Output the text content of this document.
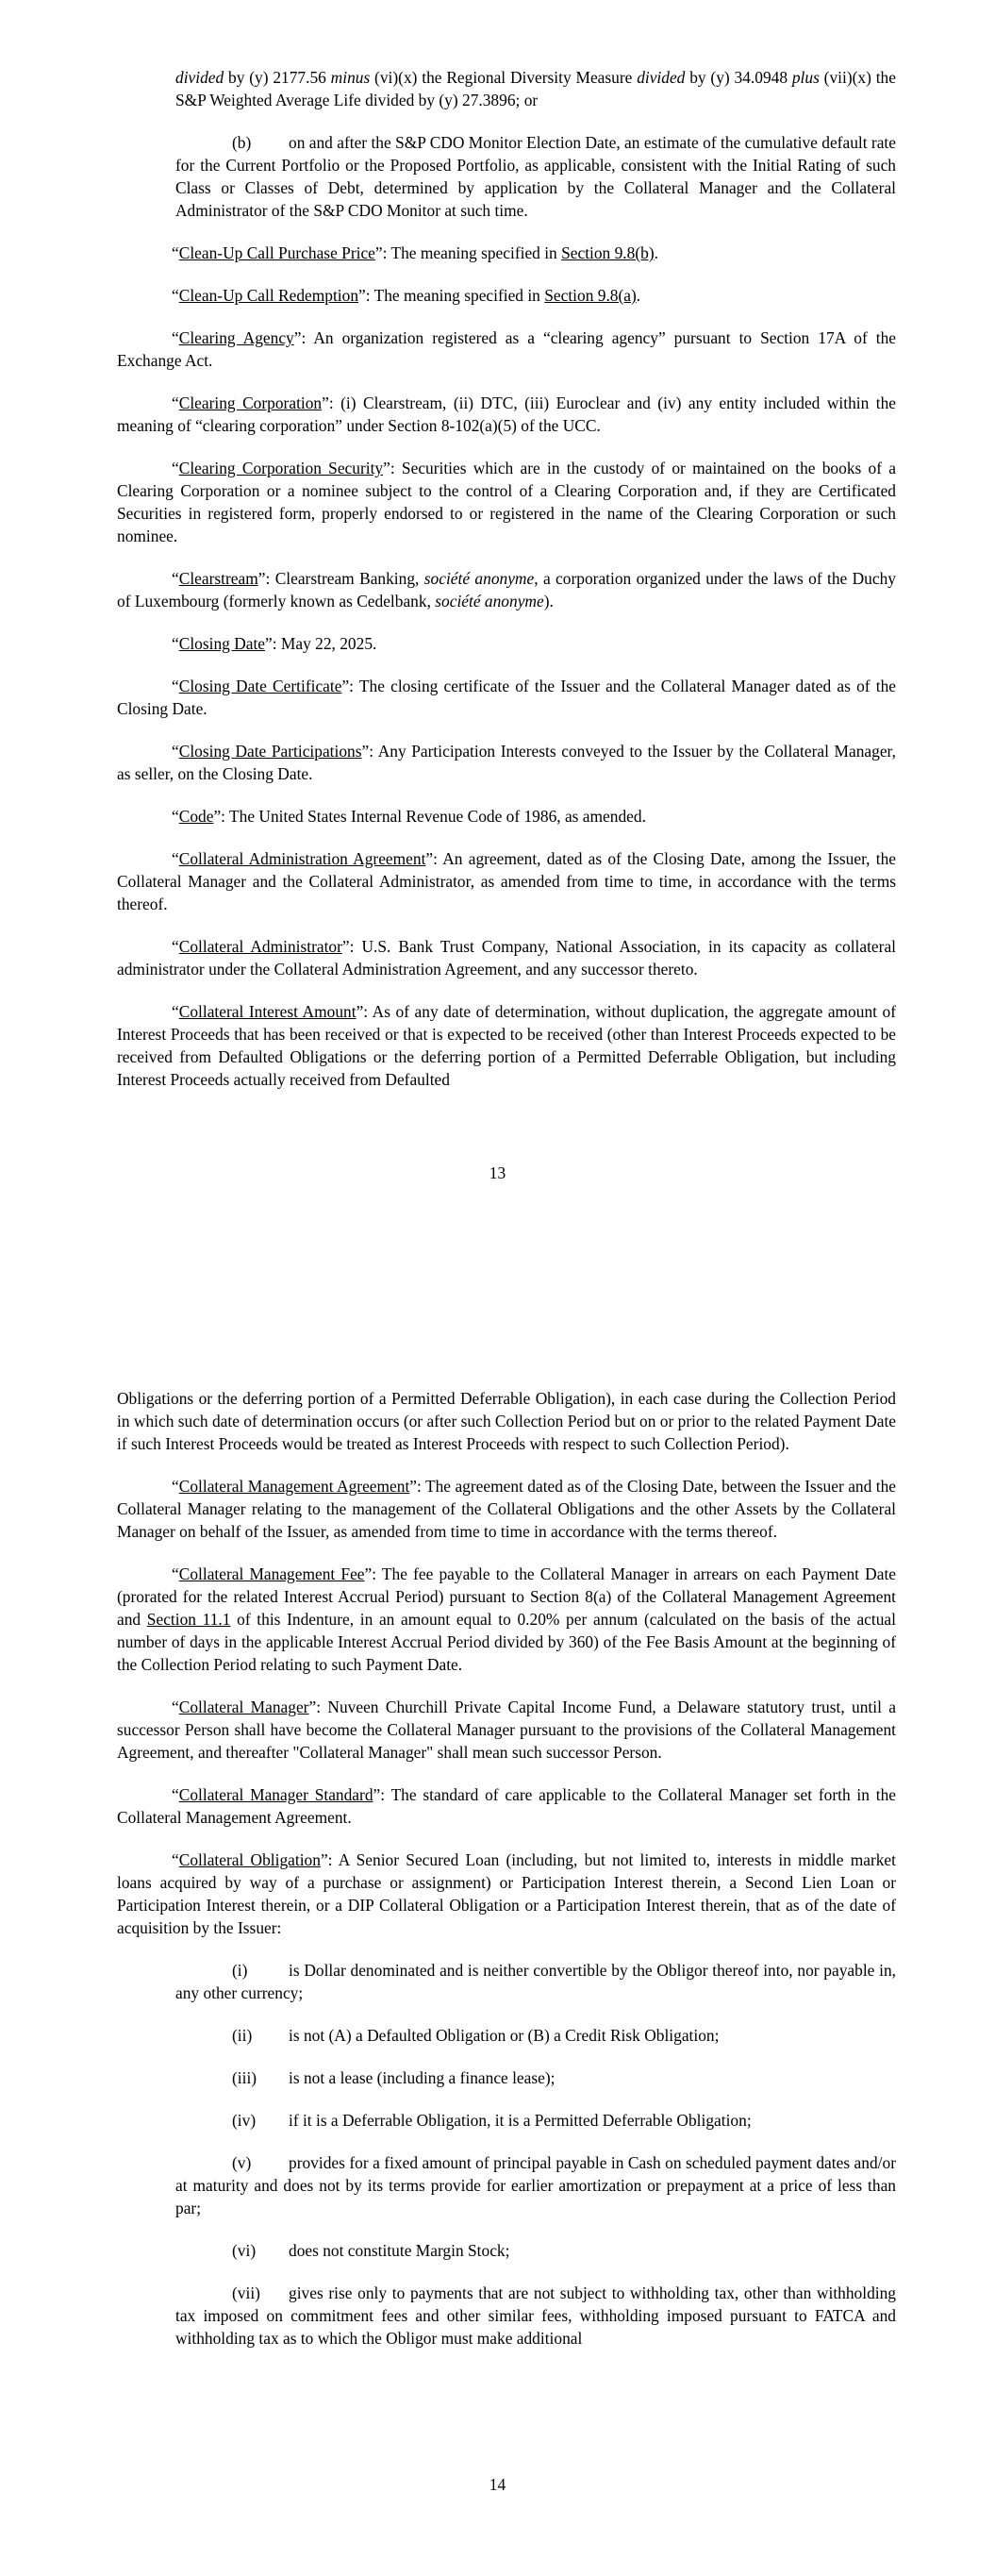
divided by (y) 2177.56 minus (vi)(x) the Regional Diversity Measure divided by (y) 34.0948 plus (vii)(x) the S&P Weighted Average Life divided by (y) 27.3896; or

(b) on and after the S&P CDO Monitor Election Date, an estimate of the cumulative default rate for the Current Portfolio or the Proposed Portfolio, as applicable, consistent with the Initial Rating of such Class or Classes of Debt, determined by application by the Collateral Manager and the Collateral Administrator of the S&P CDO Monitor at such time.

“Clean-Up Call Purchase Price”: The meaning specified in Section 9.8(b).

“Clean-Up Call Redemption”: The meaning specified in Section 9.8(a).

“Clearing Agency”: An organization registered as a “clearing agency” pursuant to Section 17A of the Exchange Act.

“Clearing Corporation”: (i) Clearstream, (ii) DTC, (iii) Euroclear and (iv) any entity included within the meaning of “clearing corporation” under Section 8-102(a)(5) of the UCC.

“Clearing Corporation Security”: Securities which are in the custody of or maintained on the books of a Clearing Corporation or a nominee subject to the control of a Clearing Corporation and, if they are Certificated Securities in registered form, properly endorsed to or registered in the name of the Clearing Corporation or such nominee.

“Clearstream”: Clearstream Banking, société anonyme, a corporation organized under the laws of the Duchy of Luxembourg (formerly known as Cedelbank, société anonyme).

“Closing Date”: May 22, 2025.

“Closing Date Certificate”: The closing certificate of the Issuer and the Collateral Manager dated as of the Closing Date.

“Closing Date Participations”: Any Participation Interests conveyed to the Issuer by the Collateral Manager, as seller, on the Closing Date.

“Code”: The United States Internal Revenue Code of 1986, as amended.

“Collateral Administration Agreement”: An agreement, dated as of the Closing Date, among the Issuer, the Collateral Manager and the Collateral Administrator, as amended from time to time, in accordance with the terms thereof.

“Collateral Administrator”: U.S. Bank Trust Company, National Association, in its capacity as collateral administrator under the Collateral Administration Agreement, and any successor thereto.

“Collateral Interest Amount”: As of any date of determination, without duplication, the aggregate amount of Interest Proceeds that has been received or that is expected to be received (other than Interest Proceeds expected to be received from Defaulted Obligations or the deferring portion of a Permitted Deferrable Obligation, but including Interest Proceeds actually received from Defaulted

13

Obligations or the deferring portion of a Permitted Deferrable Obligation), in each case during the Collection Period in which such date of determination occurs (or after such Collection Period but on or prior to the related Payment Date if such Interest Proceeds would be treated as Interest Proceeds with respect to such Collection Period).

“Collateral Management Agreement”: The agreement dated as of the Closing Date, between the Issuer and the Collateral Manager relating to the management of the Collateral Obligations and the other Assets by the Collateral Manager on behalf of the Issuer, as amended from time to time in accordance with the terms thereof.

“Collateral Management Fee”: The fee payable to the Collateral Manager in arrears on each Payment Date (prorated for the related Interest Accrual Period) pursuant to Section 8(a) of the Collateral Management Agreement and Section 11.1 of this Indenture, in an amount equal to 0.20% per annum (calculated on the basis of the actual number of days in the applicable Interest Accrual Period divided by 360) of the Fee Basis Amount at the beginning of the Collection Period relating to such Payment Date.

“Collateral Manager”: Nuveen Churchill Private Capital Income Fund, a Delaware statutory trust, until a successor Person shall have become the Collateral Manager pursuant to the provisions of the Collateral Management Agreement, and thereafter "Collateral Manager" shall mean such successor Person.

“Collateral Manager Standard”: The standard of care applicable to the Collateral Manager set forth in the Collateral Management Agreement.

“Collateral Obligation”: A Senior Secured Loan (including, but not limited to, interests in middle market loans acquired by way of a purchase or assignment) or Participation Interest therein, a Second Lien Loan or Participation Interest therein, or a DIP Collateral Obligation or a Participation Interest therein, that as of the date of acquisition by the Issuer:

(i)	is Dollar denominated and is neither convertible by the Obligor thereof into, nor payable in, any other currency;

(ii) is not (A) a Defaulted Obligation or (B) a Credit Risk Obligation;

(iii) is not a lease (including a finance lease);

(iv) if it is a Deferrable Obligation, it is a Permitted Deferrable Obligation;

(v) provides for a fixed amount of principal payable in Cash on scheduled payment dates and/or at maturity and does not by its terms provide for earlier amortization or prepayment at a price of less than par;

(vi) does not constitute Margin Stock;

(vii) gives rise only to payments that are not subject to withholding tax, other than withholding tax imposed on commitment fees and other similar fees, withholding imposed pursuant to FATCA and withholding tax as to which the Obligor must make additional

14
